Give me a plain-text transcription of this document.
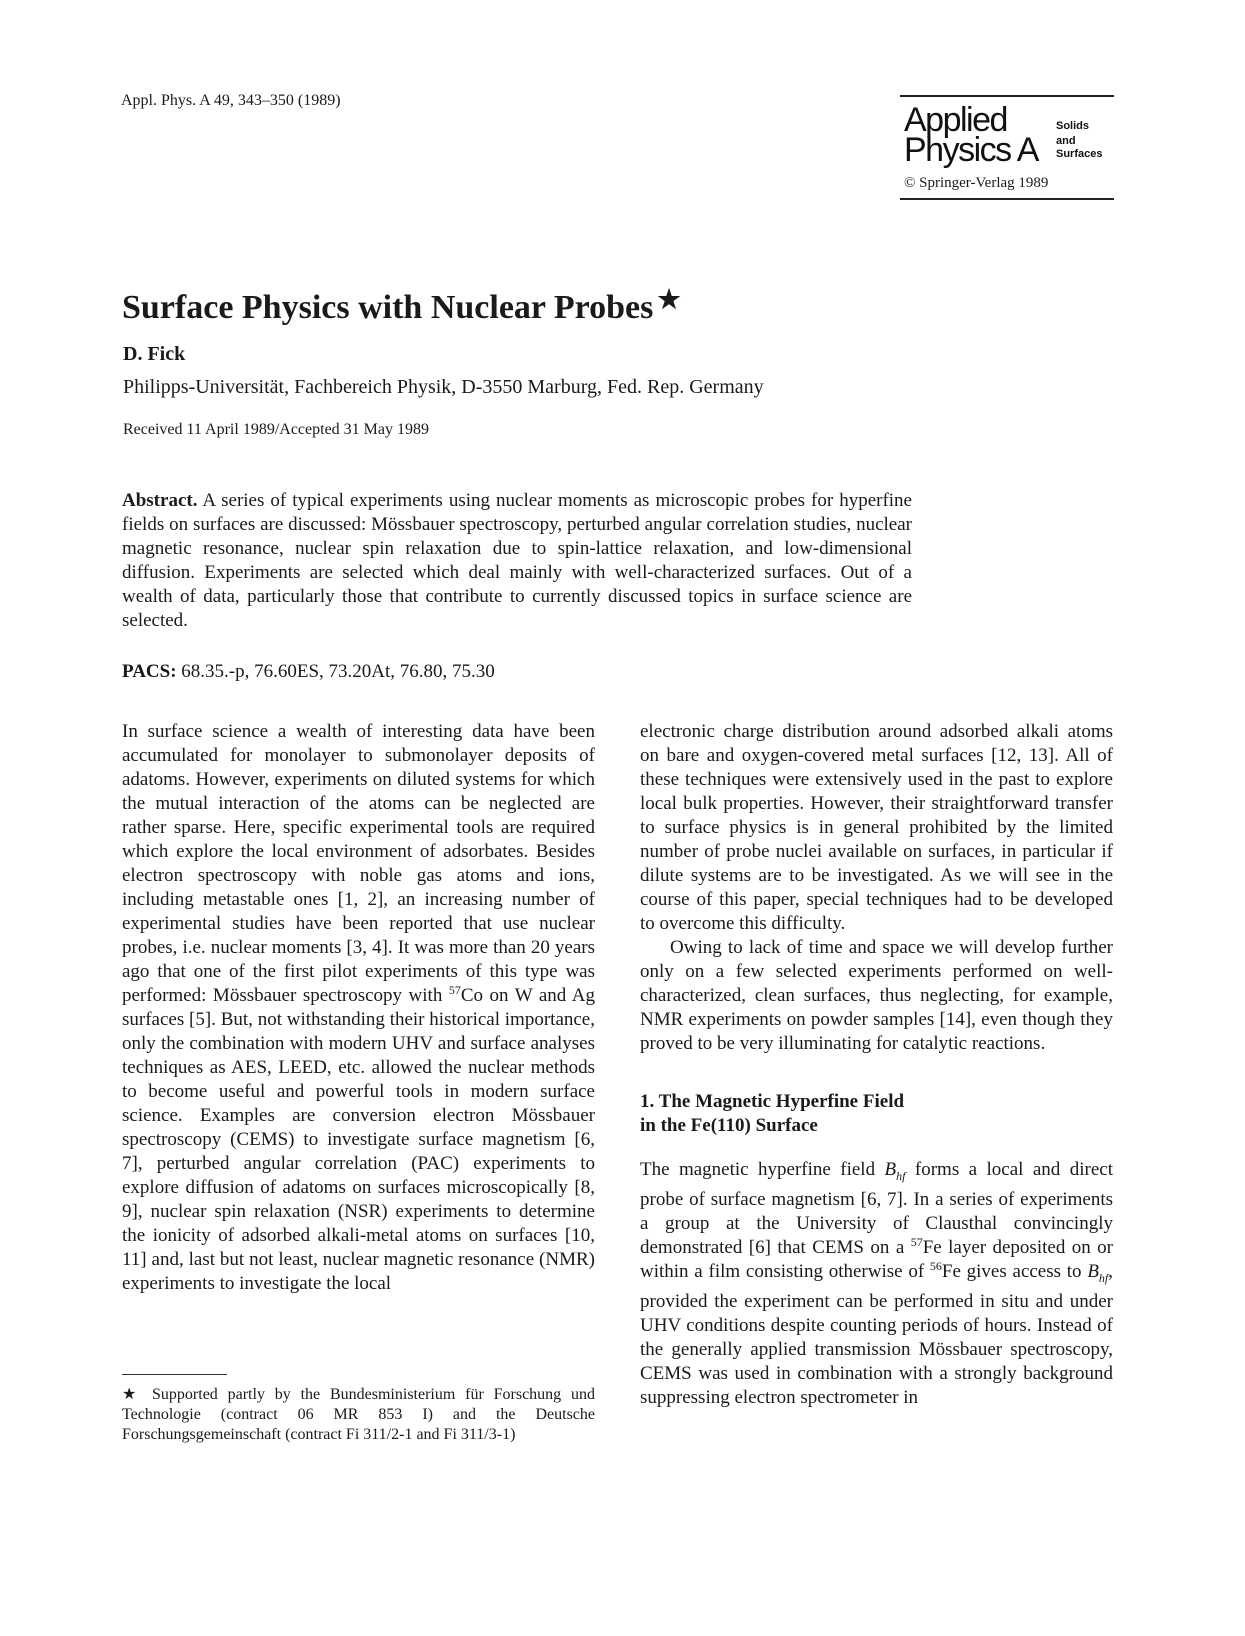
Appl. Phys. A 49, 343–350 (1989)
Applied
Physics A
Solids
and
Surfaces
© Springer-Verlag 1989
Surface Physics with Nuclear Probes ★
D. Fick
Philipps-Universität, Fachbereich Physik, D-3550 Marburg, Fed. Rep. Germany
Received 11 April 1989/Accepted 31 May 1989
Abstract. A series of typical experiments using nuclear moments as microscopic probes for hyperfine fields on surfaces are discussed: Mössbauer spectroscopy, perturbed angular correlation studies, nuclear magnetic resonance, nuclear spin relaxation due to spin-lattice relaxation, and low-dimensional diffusion. Experiments are selected which deal mainly with well-characterized surfaces. Out of a wealth of data, particularly those that contribute to currently discussed topics in surface science are selected.
PACS: 68.35.-p, 76.60ES, 73.20At, 76.80, 75.30

In surface science a wealth of interesting data have been accumulated for monolayer to submonolayer deposits of adatoms. However, experiments on diluted systems for which the mutual interaction of the atoms can be neglected are rather sparse. Here, specific experimental tools are required which explore the local environment of adsorbates. Besides electron spectroscopy with noble gas atoms and ions, including metastable ones [1, 2], an increasing number of experimental studies have been reported that use nuclear probes, i.e. nuclear moments [3, 4]. It was more than 20 years ago that one of the first pilot experiments of this type was performed: Mössbauer spectroscopy with $^{57}$Co on W and Ag surfaces [5]. But, not withstanding their historical importance, only the combination with modern UHV and surface analyses techniques as AES, LEED, etc. allowed the nuclear methods to become useful and powerful tools in modern surface science. Examples are conversion electron Mössbauer spectroscopy (CEMS) to investigate surface magnetism [6, 7], perturbed angular correlation (PAC) experiments to explore diffusion of adatoms on surfaces microscopically [8, 9], nuclear spin relaxation (NSR) experiments to determine the ionicity of adsorbed alkali-metal atoms on surfaces [10, 11] and, last but not least, nuclear magnetic resonance (NMR) experiments to investigate the local

electronic charge distribution around adsorbed alkali atoms on bare and oxygen-covered metal surfaces [12, 13]. All of these techniques were extensively used in the past to explore local bulk properties. However, their straightforward transfer to surface physics is in general prohibited by the limited number of probe nuclei available on surfaces, in particular if dilute systems are to be investigated. As we will see in the course of this paper, special techniques had to be developed to overcome this difficulty.

Owing to lack of time and space we will develop further only on a few selected experiments performed on well-characterized, clean surfaces, thus neglecting, for example, NMR experiments on powder samples [14], even though they proved to be very illuminating for catalytic reactions.

1. The Magnetic Hyperfine Field
in the Fe(110) Surface

The magnetic hyperfine field $B_{hf}$ forms a local and direct probe of surface magnetism [6, 7]. In a series of experiments a group at the University of Clausthal convincingly demonstrated [6] that CEMS on a $^{57}$Fe layer deposited on or within a film consisting otherwise of $^{56}$Fe gives access to $B_{hf}$, provided the experiment can be performed in situ and under UHV conditions despite counting periods of hours. Instead of the generally applied transmission Mössbauer spectroscopy, CEMS was used in combination with a strongly background suppressing electron spectrometer in

★ Supported partly by the Bundesministerium für Forschung und Technologie (contract 06 MR 853 I) and the Deutsche Forschungsgemeinschaft (contract Fi 311/2-1 and Fi 311/3-1)
